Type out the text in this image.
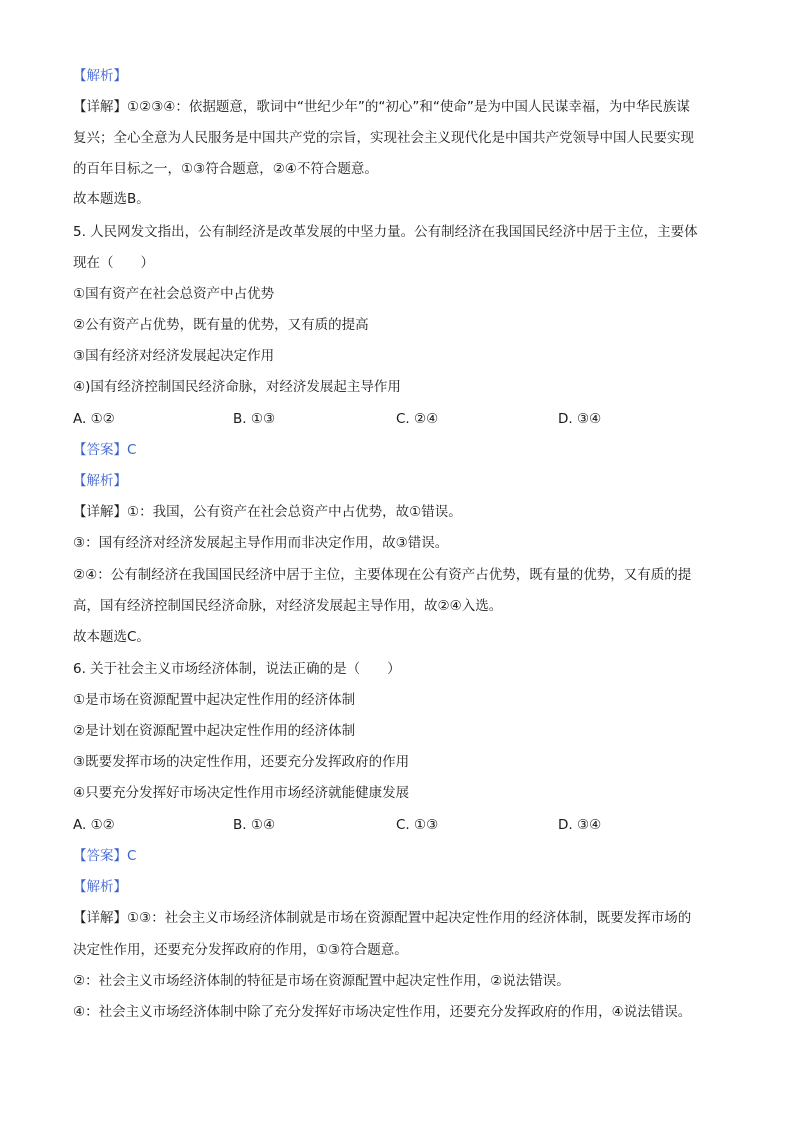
【解析】
【详解】①②③④：依据题意，歌词中“世纪少年”的“初心”和“使命”是为中国人民谋幸福，为中华民族谋
复兴；全心全意为人民服务是中国共产党的宗旨，实现社会主义现代化是中国共产党领导中国人民要实现
的百年目标之一，①③符合题意，②④不符合题意。
故本题选B。
5. 人民网发文指出，公有制经济是改革发展的中坚力量。公有制经济在我国国民经济中居于主位，主要体
现在（　　）
①国有资产在社会总资产中占优势
②公有资产占优势，既有量的优势，又有质的提高
③国有经济对经济发展起决定作用
④)国有经济控制国民经济命脉，对经济发展起主导作用
A. ①②	B. ①③	C. ②④	D. ③④
【答案】C
【解析】
【详解】①：我国，公有资产在社会总资产中占优势，故①错误。
③：国有经济对经济发展起主导作用而非决定作用，故③错误。
②④：公有制经济在我国国民经济中居于主位，主要体现在公有资产占优势，既有量的优势，又有质的提
高，国有经济控制国民经济命脉，对经济发展起主导作用，故②④入选。
故本题选C。
6. 关于社会主义市场经济体制，说法正确的是（　　）
①是市场在资源配置中起决定性作用的经济体制
②是计划在资源配置中起决定性作用的经济体制
③既要发挥市场的决定性作用，还要充分发挥政府的作用
④只要充分发挥好市场决定性作用市场经济就能健康发展
A. ①②	B. ①④	C. ①③	D. ③④
【答案】C
【解析】
【详解】①③：社会主义市场经济体制就是市场在资源配置中起决定性作用的经济体制，既要发挥市场的
决定性作用，还要充分发挥政府的作用，①③符合题意。
②：社会主义市场经济体制的特征是市场在资源配置中起决定性作用，②说法错误。
④：社会主义市场经济体制中除了充分发挥好市场决定性作用，还要充分发挥政府的作用，④说法错误。
